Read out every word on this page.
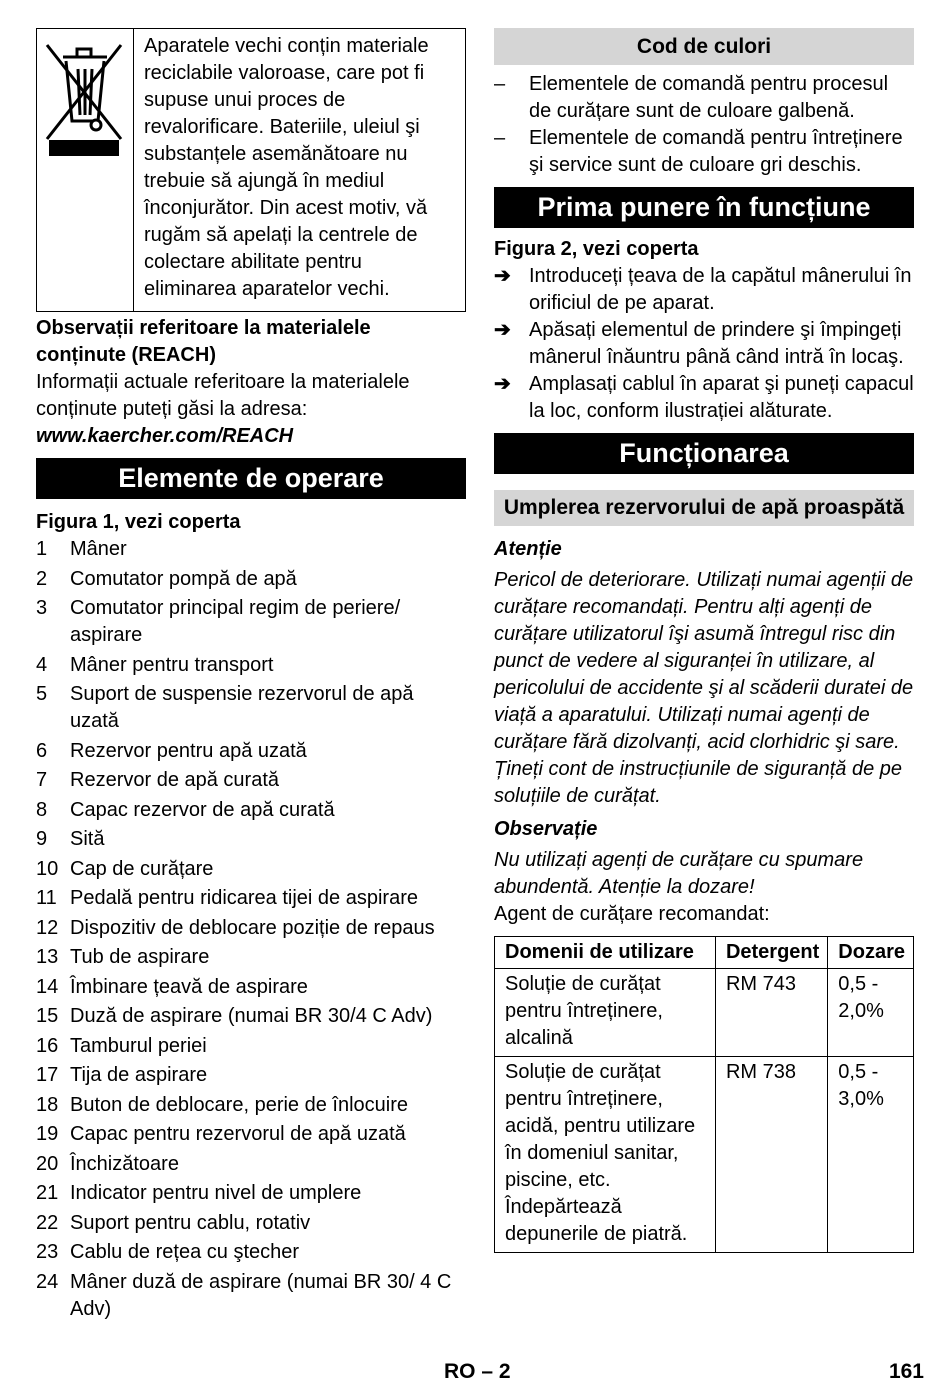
Aparatele vechi conțin materiale reciclabile valoroase, care pot fi supuse unui proces de revalorificare. Bateriile, uleiul şi substanțele asemănătoare nu trebuie să ajungă în mediul înconjurător. Din acest motiv, vă rugăm să apelați la centrele de colectare abilitate pentru eliminarea aparatelor vechi.
Observații referitoare la materialele conținute (REACH)
Informații actuale referitoare la materialele conținute puteți găsi la adresa:
www.kaercher.com/REACH
Elemente de operare
Figura 1, vezi coperta
1	Mâner
2	Comutator pompă de apă
3	Comutator principal regim de periere/ aspirare
4	Mâner pentru transport
5	Suport de suspensie rezervorul de apă uzată
6	Rezervor pentru apă uzată
7	Rezervor de apă curată
8	Capac rezervor de apă curată
9	Sită
10 Cap de curățare
11 Pedală pentru ridicarea tijei de aspirare
12 Dispozitiv de deblocare poziție de repaus
13 Tub de aspirare
14 Îmbinare țeavă de aspirare
15 Duză de aspirare (numai BR 30/4 C Adv)
16 Tamburul periei
17 Tija de aspirare
18 Buton de deblocare, perie de înlocuire
19 Capac pentru rezervorul de apă uzată
20 Închizătoare
21 Indicator pentru nivel de umplere
22 Suport pentru cablu, rotativ
23 Cablu de rețea cu ştecher
24 Mâner duză de aspirare (numai BR 30/ 4 C Adv)
Cod de culori
–	Elementele de comandă pentru procesul de curățare sunt de culoare galbenă.
–	Elementele de comandă pentru întreținere şi service sunt de culoare gri deschis.
Prima punere în funcțiune
Figura 2, vezi coperta
➔ Introduceți țeava de la capătul mânerului în orificiul de pe aparat.
➔ Apăsați elementul de prindere şi împingeți mânerul înăuntru până când intră în locaş.
➔ Amplasați cablul în aparat şi puneți capacul la loc, conform ilustrației alăturate.
Funcționarea
Umplerea rezervorului de apă proaspătă
Atenție
Pericol de deteriorare. Utilizați numai agenții de curățare recomandați. Pentru alți agenți de curățare utilizatorul îşi asumă întregul risc din punct de vedere al siguranței în utilizare, al pericolului de accidente şi al scăderii duratei de viață a aparatului. Utilizați numai agenți de curățare fără dizolvanți, acid clorhidric şi sare.
Țineți cont de instrucțiunile de siguranță de pe soluțiile de curățat.
Observație
Nu utilizați agenți de curățare cu spumare abundentă. Atenție la dozare!
Agent de curățare recomandat:
Domenii de utilizare	Detergent	Dozare
Soluție de curățat pentru întreținere, alcalină	RM 743	0,5 - 2,0%
Soluție de curățat pentru întreținere, acidă, pentru utilizare în domeniul sanitar, piscine, etc. Îndepărtează depunerile de piatră.	RM 738	0,5 - 3,0%
RO – 2	161
